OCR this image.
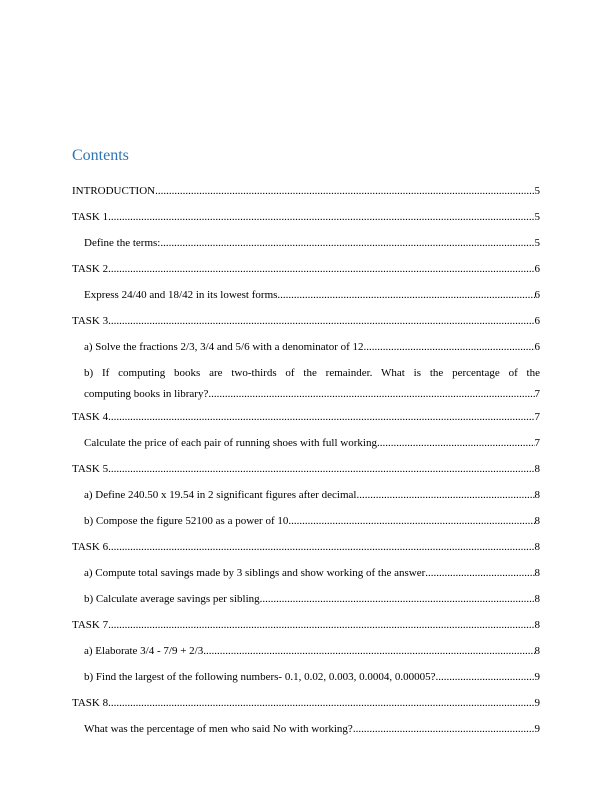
Contents
INTRODUCTION .....	5
TASK 1 .....	5
Define the terms: .....	5
TASK 2 .....	6
Express 24/40 and 18/42 in its lowest forms .....	6
TASK 3 .....	6
a) Solve the fractions 2/3, 3/4 and 5/6 with a denominator of 12 .....	6
b) If computing books are two-thirds of the remainder. What is the percentage of the
computing books in library? .....	7
TASK 4 .....	7
Calculate the price of each pair of running shoes with full working .....	7
TASK 5 .....	8
a) Define 240.50 x 19.54 in 2 significant figures after decimal .....	8
b) Compose the figure 52100 as a power of 10 .....	8
TASK 6 .....	8
a) Compute total savings made by 3 siblings and show working of the answer .....	8
b) Calculate average savings per sibling .....	8
TASK 7 .....	8
a) Elaborate 3/4 - 7/9 + 2/3 .....	8
b) Find the largest of the following numbers- 0.1, 0.02, 0.003, 0.0004, 0.00005? .....	9
TASK 8 .....	9
What was the percentage of men who said No with working? .....	9
